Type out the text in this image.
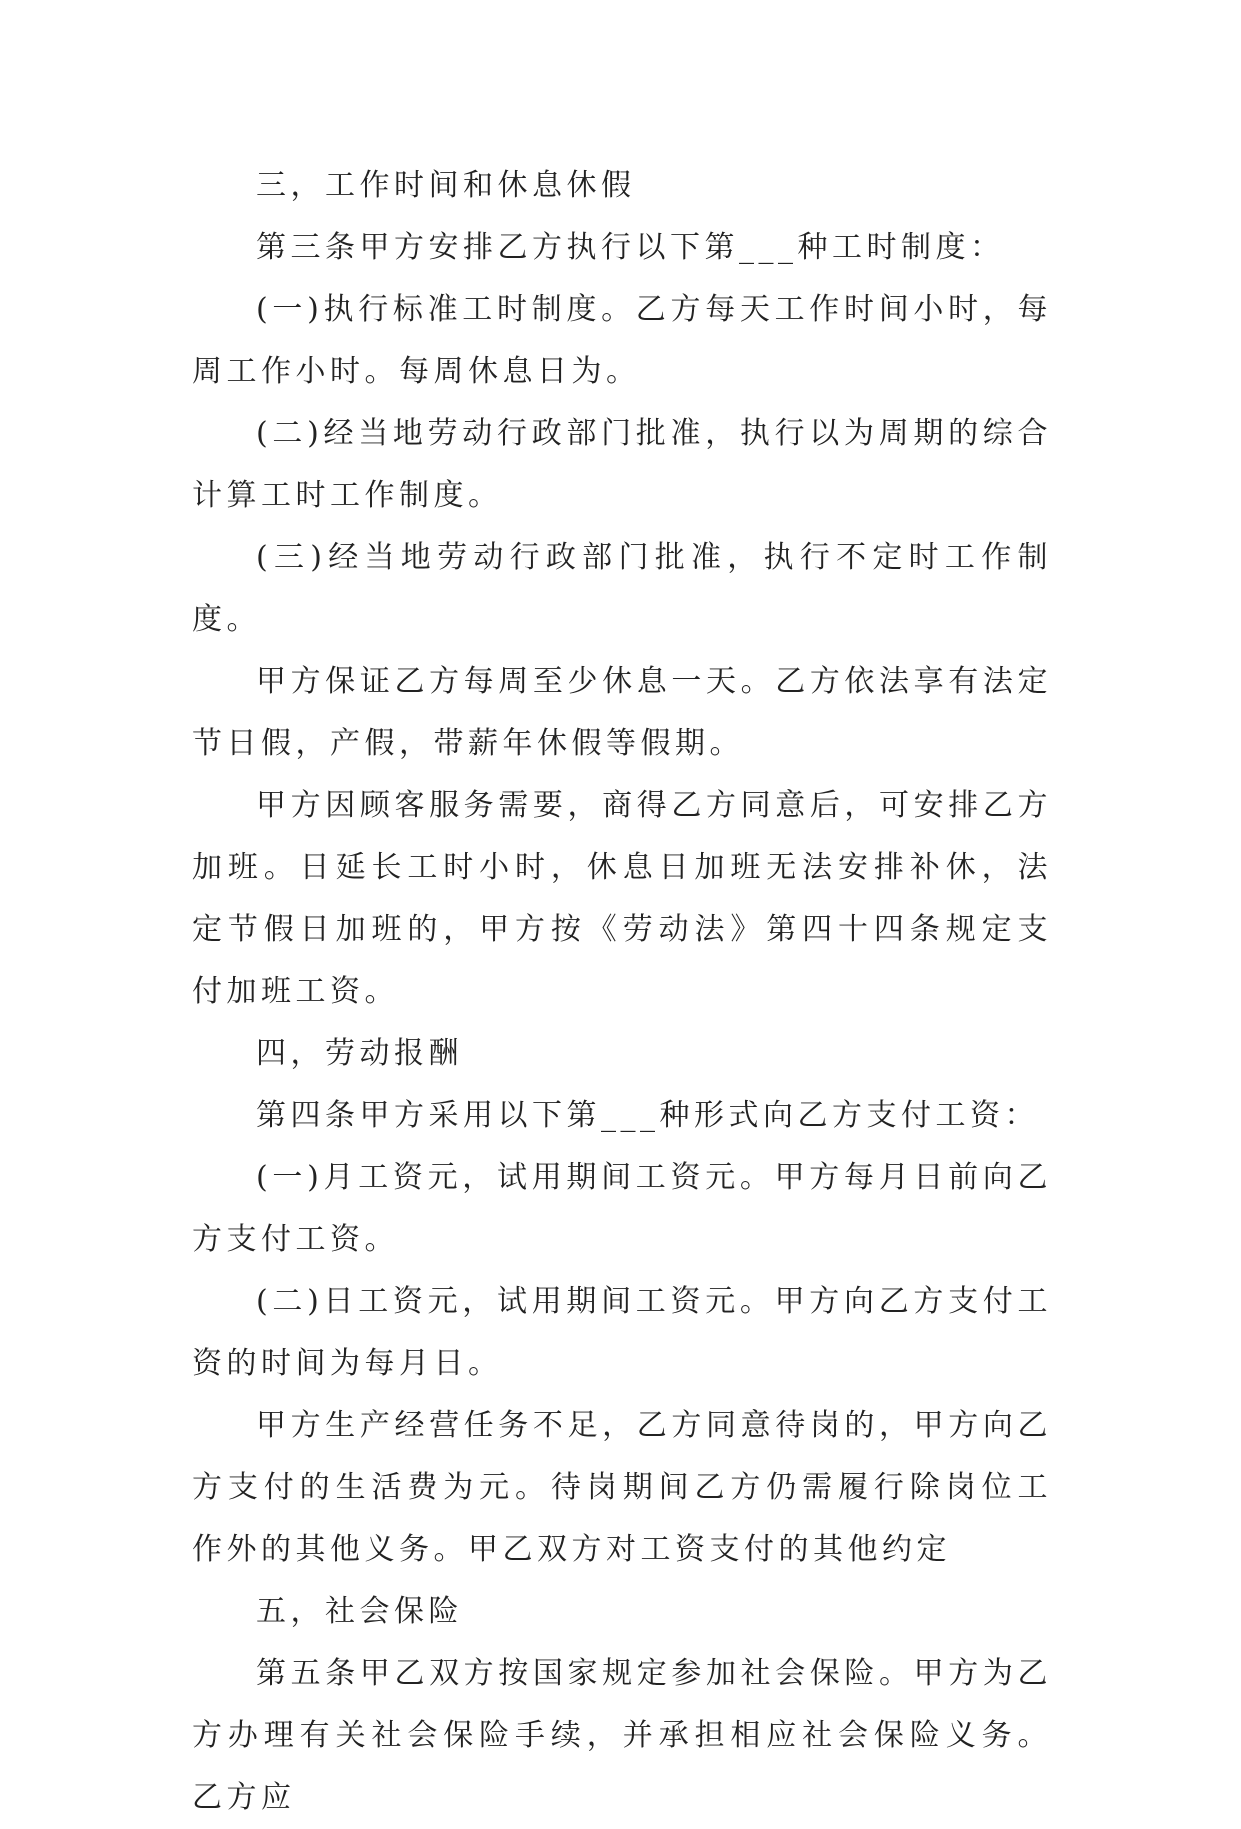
三，工作时间和休息休假

第三条甲方安排乙方执行以下第___种工时制度：

(一)执行标准工时制度。乙方每天工作时间小时，每周工作小时。每周休息日为。

(二)经当地劳动行政部门批准，执行以为周期的综合计算工时工作制度。

(三)经当地劳动行政部门批准，执行不定时工作制度。

甲方保证乙方每周至少休息一天。乙方依法享有法定节日假，产假，带薪年休假等假期。

甲方因顾客服务需要，商得乙方同意后，可安排乙方加班。日延长工时小时，休息日加班无法安排补休，法定节假日加班的，甲方按《劳动法》第四十四条规定支付加班工资。

四，劳动报酬

第四条甲方采用以下第___种形式向乙方支付工资：

(一)月工资元，试用期间工资元。甲方每月日前向乙方支付工资。

(二)日工资元，试用期间工资元。甲方向乙方支付工资的时间为每月日。

甲方生产经营任务不足，乙方同意待岗的，甲方向乙方支付的生活费为元。待岗期间乙方仍需履行除岗位工作外的其他义务。甲乙双方对工资支付的其他约定

五，社会保险

第五条甲乙双方按国家规定参加社会保险。甲方为乙方办理有关社会保险手续，并承担相应社会保险义务。乙方应
